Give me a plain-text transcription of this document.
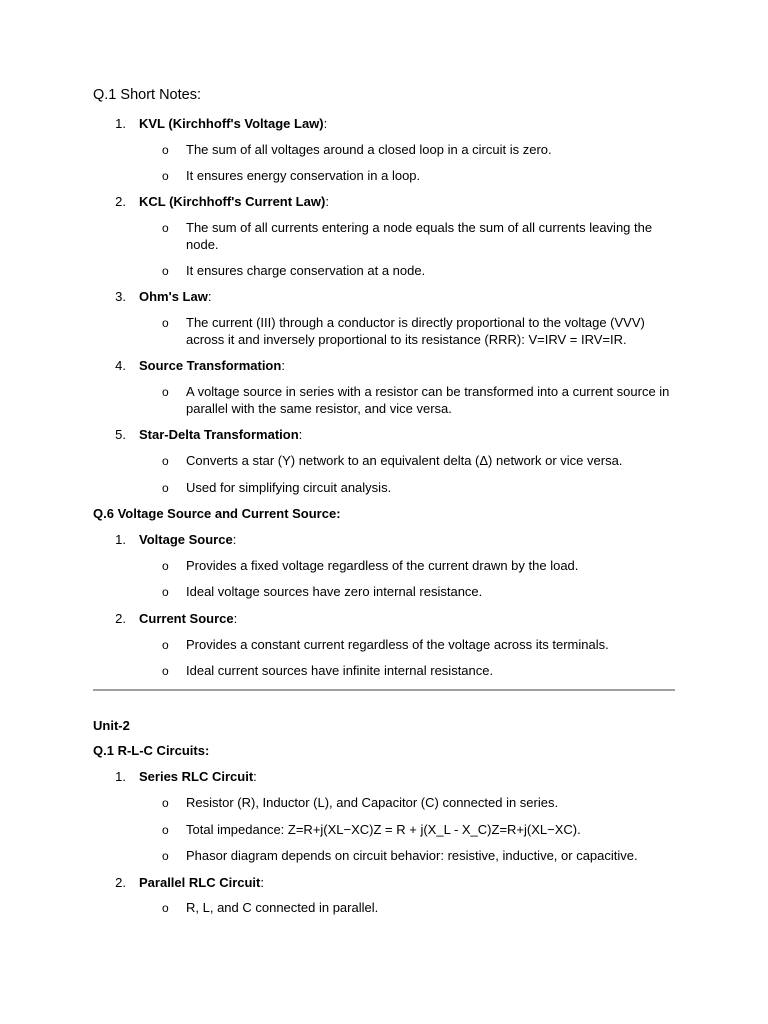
Q.1 Short Notes:
1. KVL (Kirchhoff's Voltage Law):
o The sum of all voltages around a closed loop in a circuit is zero.
o It ensures energy conservation in a loop.
2. KCL (Kirchhoff's Current Law):
o The sum of all currents entering a node equals the sum of all currents leaving the
node.
o It ensures charge conservation at a node.
3. Ohm's Law:
o The current (III) through a conductor is directly proportional to the voltage (VVV)
across it and inversely proportional to its resistance (RRR): V=IRV = IRV=IR.
4. Source Transformation:
o A voltage source in series with a resistor can be transformed into a current source in
parallel with the same resistor, and vice versa.
5. Star-Delta Transformation:
o Converts a star (Y) network to an equivalent delta (Δ) network or vice versa.
o Used for simplifying circuit analysis.
Q.6 Voltage Source and Current Source:
1. Voltage Source:
o Provides a fixed voltage regardless of the current drawn by the load.
o Ideal voltage sources have zero internal resistance.
2. Current Source:
o Provides a constant current regardless of the voltage across its terminals.
o Ideal current sources have infinite internal resistance.
Unit-2
Q.1 R-L-C Circuits:
1. Series RLC Circuit:
o Resistor (R), Inductor (L), and Capacitor (C) connected in series.
o Total impedance: Z=R+j(XL−XC)Z = R + j(X_L - X_C)Z=R+j(XL−XC).
o Phasor diagram depends on circuit behavior: resistive, inductive, or capacitive.
2. Parallel RLC Circuit:
o R, L, and C connected in parallel.
